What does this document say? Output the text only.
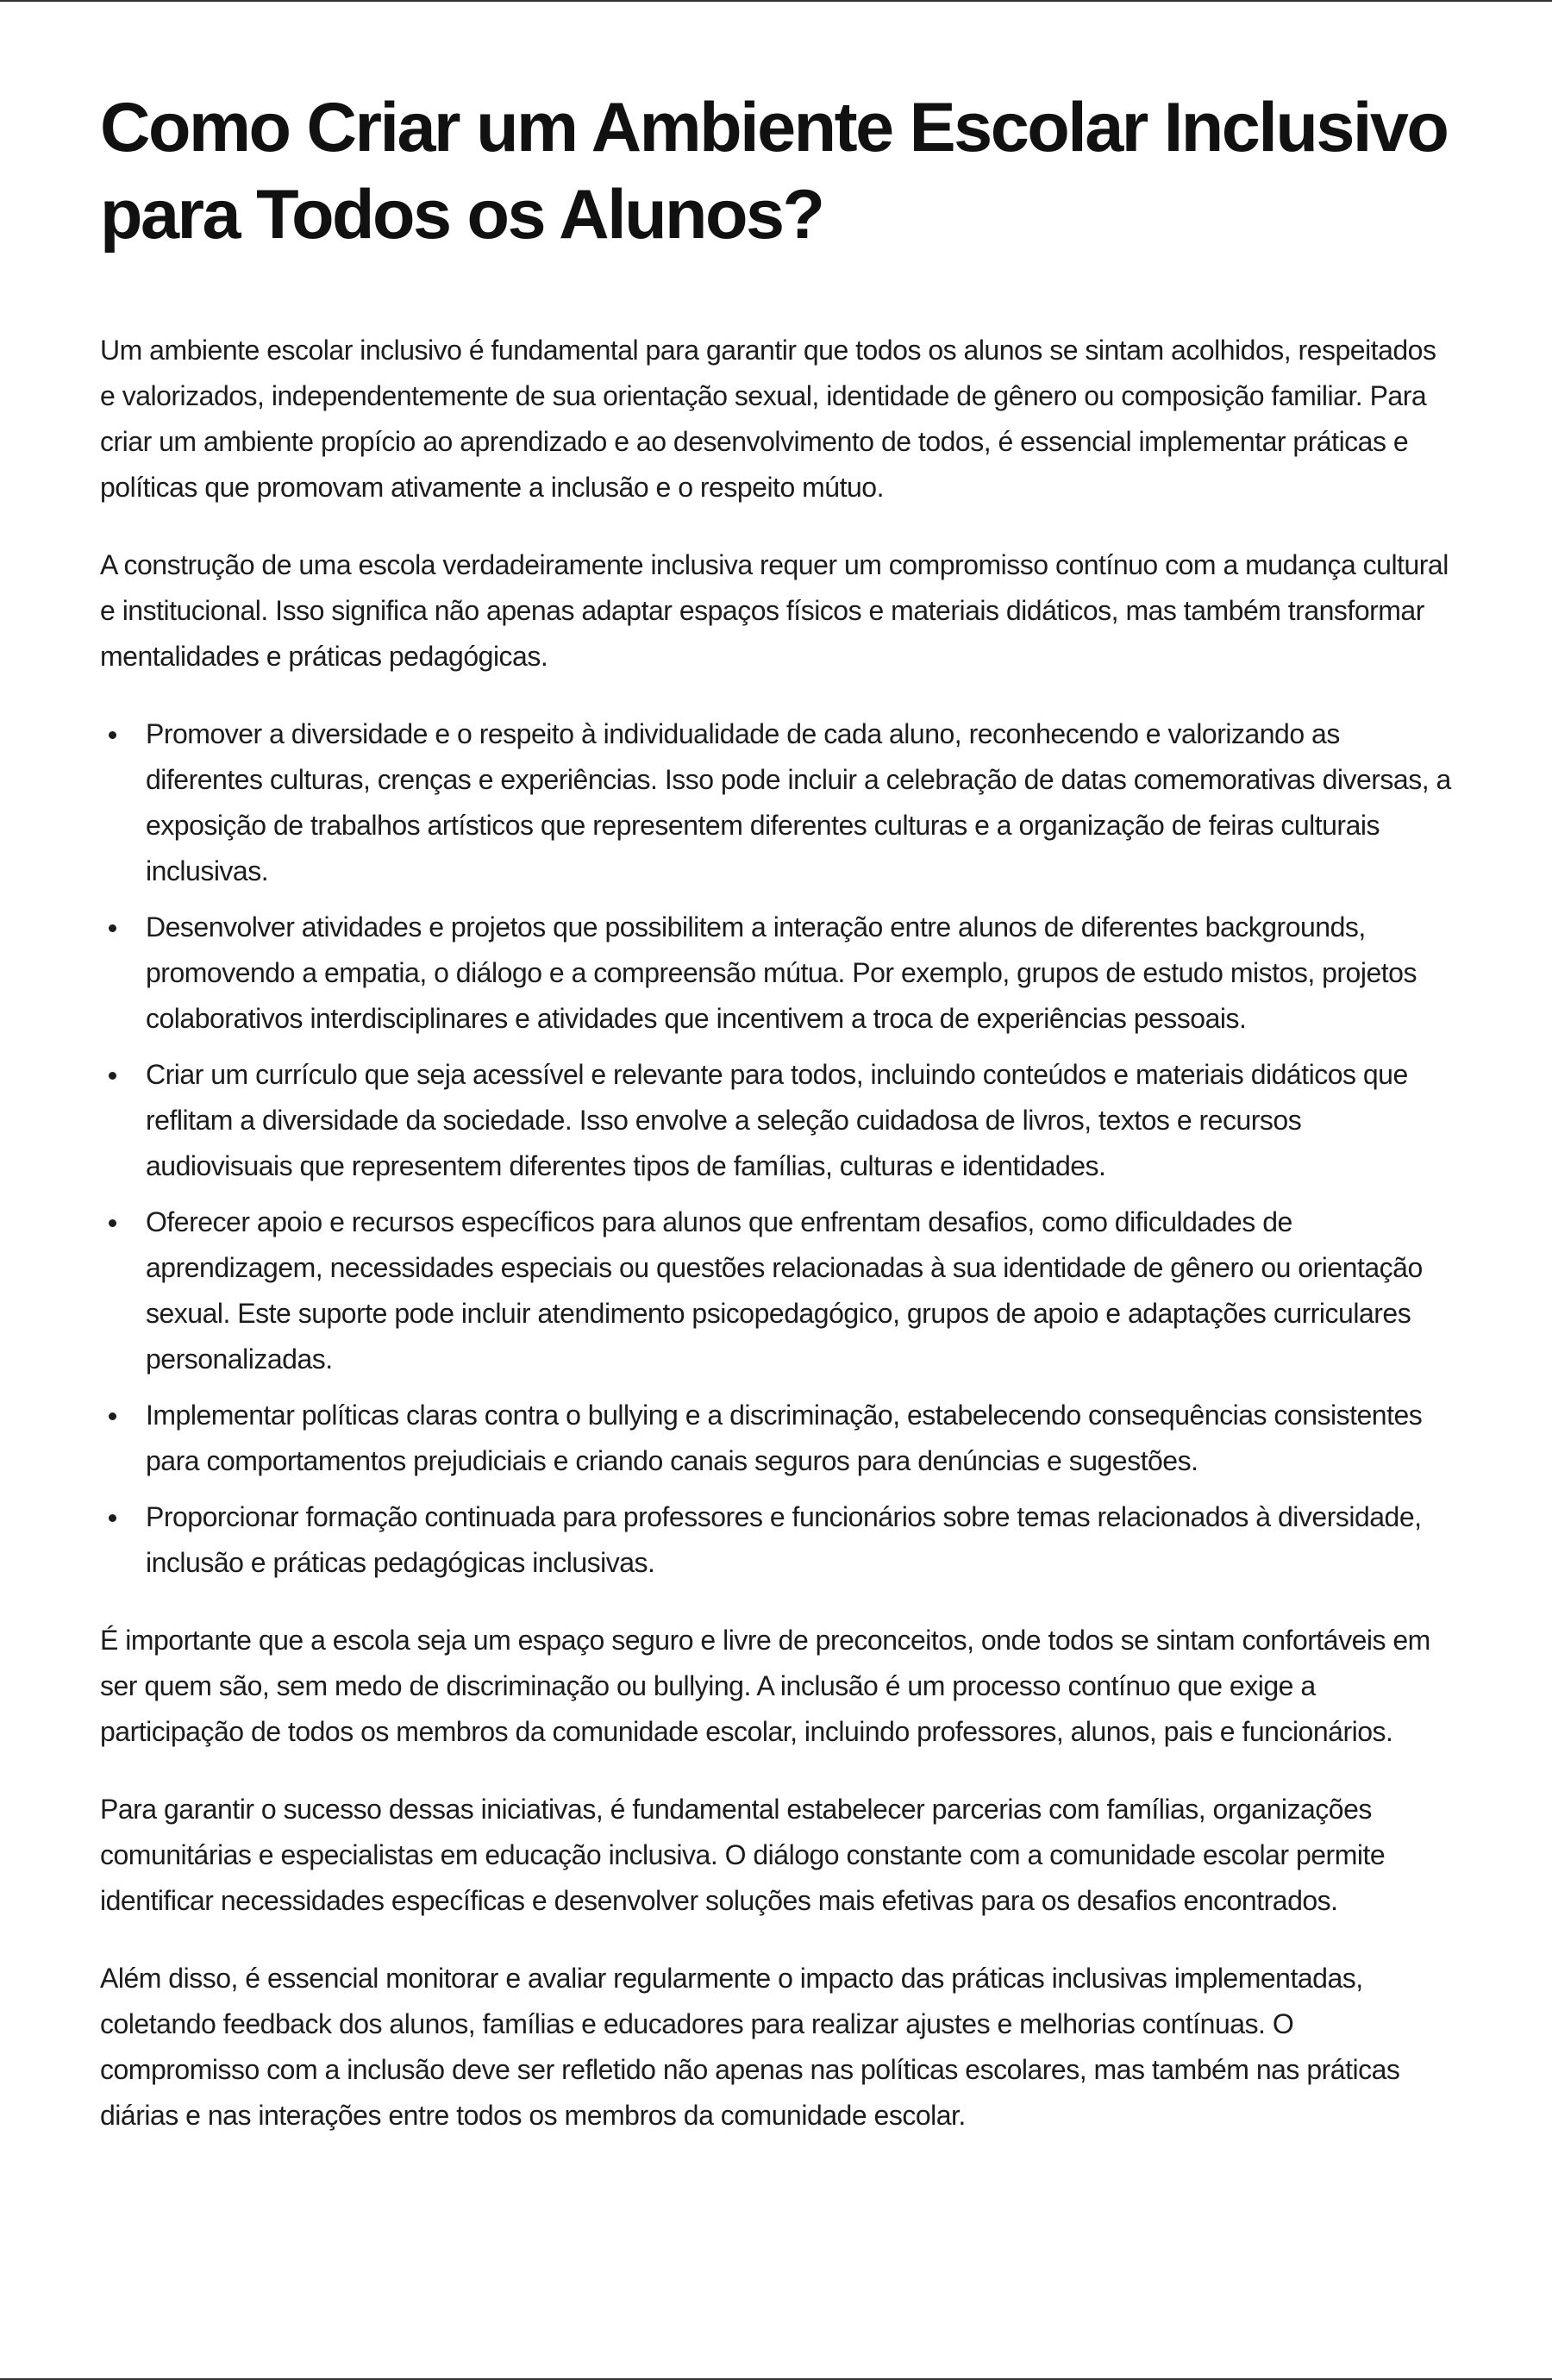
Como Criar um Ambiente Escolar Inclusivo para Todos os Alunos?

Um ambiente escolar inclusivo é fundamental para garantir que todos os alunos se sintam acolhidos, respeitados e valorizados, independentemente de sua orientação sexual, identidade de gênero ou composição familiar. Para criar um ambiente propício ao aprendizado e ao desenvolvimento de todos, é essencial implementar práticas e políticas que promovam ativamente a inclusão e o respeito mútuo.

A construção de uma escola verdadeiramente inclusiva requer um compromisso contínuo com a mudança cultural e institucional. Isso significa não apenas adaptar espaços físicos e materiais didáticos, mas também transformar mentalidades e práticas pedagógicas.

Promover a diversidade e o respeito à individualidade de cada aluno, reconhecendo e valorizando as diferentes culturas, crenças e experiências. Isso pode incluir a celebração de datas comemorativas diversas, a exposição de trabalhos artísticos que representem diferentes culturas e a organização de feiras culturais inclusivas.
Desenvolver atividades e projetos que possibilitem a interação entre alunos de diferentes backgrounds, promovendo a empatia, o diálogo e a compreensão mútua. Por exemplo, grupos de estudo mistos, projetos colaborativos interdisciplinares e atividades que incentivem a troca de experiências pessoais.
Criar um currículo que seja acessível e relevante para todos, incluindo conteúdos e materiais didáticos que reflitam a diversidade da sociedade. Isso envolve a seleção cuidadosa de livros, textos e recursos audiovisuais que representem diferentes tipos de famílias, culturas e identidades.
Oferecer apoio e recursos específicos para alunos que enfrentam desafios, como dificuldades de aprendizagem, necessidades especiais ou questões relacionadas à sua identidade de gênero ou orientação sexual. Este suporte pode incluir atendimento psicopedagógico, grupos de apoio e adaptações curriculares personalizadas.
Implementar políticas claras contra o bullying e a discriminação, estabelecendo consequências consistentes para comportamentos prejudiciais e criando canais seguros para denúncias e sugestões.
Proporcionar formação continuada para professores e funcionários sobre temas relacionados à diversidade, inclusão e práticas pedagógicas inclusivas.

É importante que a escola seja um espaço seguro e livre de preconceitos, onde todos se sintam confortáveis em ser quem são, sem medo de discriminação ou bullying. A inclusão é um processo contínuo que exige a participação de todos os membros da comunidade escolar, incluindo professores, alunos, pais e funcionários.

Para garantir o sucesso dessas iniciativas, é fundamental estabelecer parcerias com famílias, organizações comunitárias e especialistas em educação inclusiva. O diálogo constante com a comunidade escolar permite identificar necessidades específicas e desenvolver soluções mais efetivas para os desafios encontrados.

Além disso, é essencial monitorar e avaliar regularmente o impacto das práticas inclusivas implementadas, coletando feedback dos alunos, famílias e educadores para realizar ajustes e melhorias contínuas. O compromisso com a inclusão deve ser refletido não apenas nas políticas escolares, mas também nas práticas diárias e nas interações entre todos os membros da comunidade escolar.
